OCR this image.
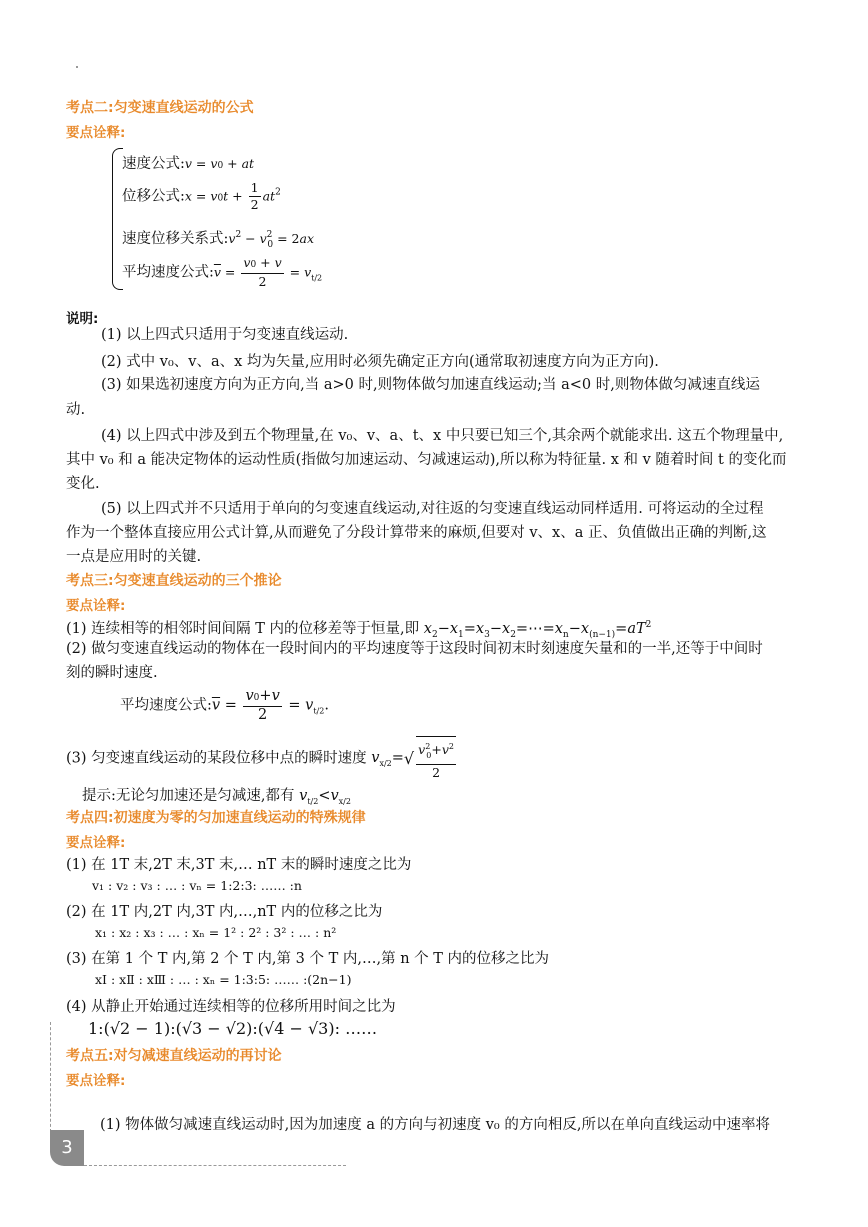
考点二:匀变速直线运动的公式
要点诠释:
速度公式:v = v0 + at
位移公式:x = $v0t + \frac{1}{2} at^2$
速度位移关系式$:v^2 - v^2_0 = 2ax$
平均速度公式$:\overline{v} = \frac{v0 + v}{2} = v_{t/2}$
说明:
(1) 以上四式只适用于匀变速直线运动.
(2) 式中 v₀、v、a、x 均为矢量,应用时必须先确定正方向(通常取初速度方向为正方向).
(3) 如果选初速度方向为正方向,当 a>0 时,则物体做匀加速直线运动;当 a<0 时,则物体做匀减速直线运
动.
(4) 以上四式中涉及到五个物理量,在 v₀、v、a、t、x 中只要已知三个,其余两个就能求出. 这五个物理量中,
其中 v₀ 和 a 能决定物体的运动性质(指做匀加速运动、匀减速运动),所以称为特征量. x 和 v 随着时间 t 的变化而
变化.
(5) 以上四式并不只适用于单向的匀变速直线运动,对往返的匀变速直线运动同样适用. 可将运动的全过程
作为一个整体直接应用公式计算,从而避免了分段计算带来的麻烦,但要对 v、x、a 正、负值做出正确的判断,这
一点是应用时的关键.
考点三:匀变速直线运动的三个推论
要点诠释:
(1) 连续相等的相邻时间间隔 T 内的位移差等于恒量,即 $x_2-x_1=x_3-x_2=\cdots=x_n-x_{(n-1)}=aT^2$
(2) 做匀变速直线运动的物体在一段时间内的平均速度等于这段时间初末时刻速度矢量和的一半,还等于中间时
刻的瞬时速度.
平均速度公式$:\overline{v} = \frac{v0+v}{2} = v_{t/2}$.
(3) 匀变速直线运动的某段位移中点的瞬时速度 $v_{x/2}=√ \frac{v^2_0+v^2}{2}$
提示:无论匀加速还是匀减速,都有 $v_{t/2}<v_{x/2}$
考点四:初速度为零的匀加速直线运动的特殊规律
要点诠释:
(1) 在 1T 末,2T 末,3T 末,… nT 末的瞬时速度之比为
v₁ : v₂ : v₃ : … : vₙ = 1:2:3: …… :n
(2) 在 1T 内,2T 内,3T 内,…,nT 内的位移之比为
x₁ : x₂ : x₃ : … : xₙ = 1² : 2² : 3² : … : n²
(3) 在第 1 个 T 内,第 2 个 T 内,第 3 个 T 内,…,第 n 个 T 内的位移之比为
xⅠ : xⅡ : xⅢ : … : xₙ = 1:3:5: …… :(2n−1)
(4) 从静止开始通过连续相等的位移所用时间之比为
1:(√2 − 1):(√3 − √2):(√4 − √3): ……
考点五:对匀减速直线运动的再讨论
要点诠释:
(1) 物体做匀减速直线运动时,因为加速度 a 的方向与初速度 v₀ 的方向相反,所以在单向直线运动中速率将
3
